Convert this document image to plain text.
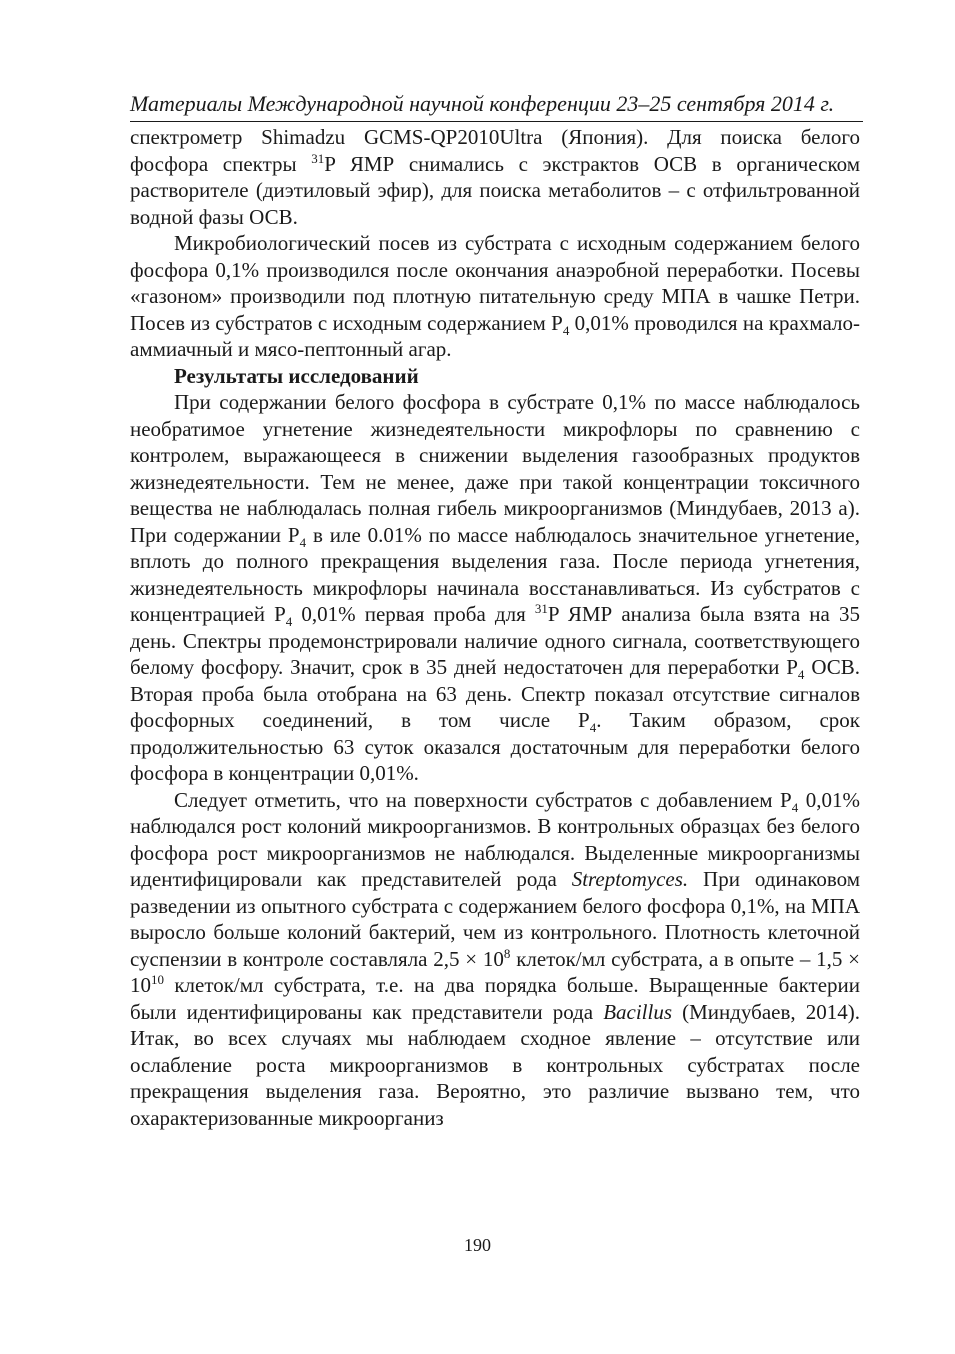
Материалы Международной научной конференции 23–25 сентября 2014 г.

спектрометр Shimadzu GCMS-QP2010Ultra (Япония). Для поиска белого фосфора спектры $^{31}$P ЯМР снимались с экстрактов ОСВ в органическом растворителе (диэтиловый эфир), для поиска метаболитов – с отфильтрованной водной фазы ОСВ.

Микробиологический посев из субстрата с исходным содержанием белого фосфора 0,1% производился после окончания анаэробной переработки. Посевы «газоном» производили под плотную питательную среду МПА в чашке Петри. Посев из субстратов с исходным содержанием $P_4$ 0,01% проводился на крахмало-аммиачный и мясо-пептонный агар.

Результаты исследований

При содержании белого фосфора в субстрате 0,1% по массе наблюдалось необратимое угнетение жизнедеятельности микрофлоры по сравнению с контролем, выражающееся в снижении выделения газообразных продуктов жизнедеятельности. Тем не менее, даже при такой концентрации токсичного вещества не наблюдалась полная гибель микроорганизмов (Миндубаев, 2013 а). При содержании $P_4$ в иле 0.01% по массе наблюдалось значительное угнетение, вплоть до полного прекращения выделения газа. После периода угнетения, жизнедеятельность микрофлоры начинала восстанавливаться. Из субстратов с концентрацией $P_4$ 0,01% первая проба для $^{31}$P ЯМР анализа была взята на 35 день. Спектры продемонстрировали наличие одного сигнала, соответствующего белому фосфору. Значит, срок в 35 дней недостаточен для переработки $P_4$ ОСВ. Вторая проба была отобрана на 63 день. Спектр показал отсутствие сигналов фосфорных соединений, в том числе $P_4$. Таким образом, срок продолжительностью 63 суток оказался достаточным для переработки белого фосфора в концентрации 0,01%.

Следует отметить, что на поверхности субстратов с добавлением $P_4$ 0,01% наблюдался рост колоний микроорганизмов. В контрольных образцах без белого фосфора рост микроорганизмов не наблюдался. Выделенные микроорганизмы идентифицировали как представителей рода Streptomyces. При одинаковом разведении из опытного субстрата с содержанием белого фосфора 0,1%, на МПА выросло больше колоний бактерий, чем из контрольного. Плотность клеточной суспензии в контроле составляла $2,5 \times 10^8$ клеток/мл субстрата, а в опыте – $1,5 \times 10^{10}$ клеток/мл субстрата, т.е. на два порядка больше. Выращенные бактерии были идентифицированы как представители рода Bacillus (Миндубаев, 2014). Итак, во всех случаях мы наблюдаем сходное явление – отсутствие или ослабление роста микроорганизмов в контрольных субстратах после прекращения выделения газа. Вероятно, это различие вызвано тем, что охарактеризованные микроорганиз

190
